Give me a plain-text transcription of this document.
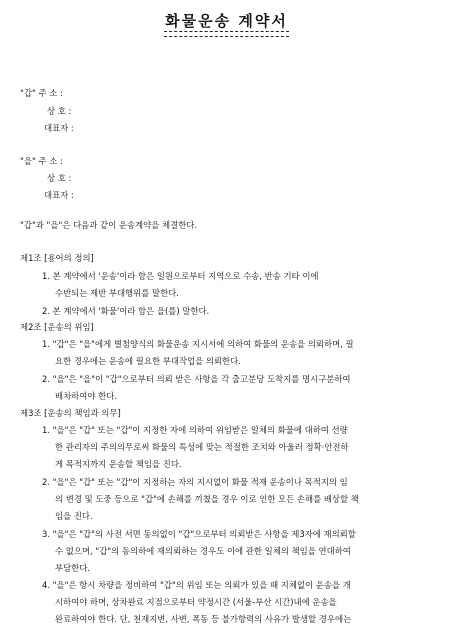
화물운송 계약서
"갑" 주 소 :
상 호 :
대표자 :
"을" 주 소 :
상 호 :
대표자 :
"갑"과 "을"은 다음과 같이 운송계약을 체결한다.
제1조 [용어의 정의]
1. 본 계약에서 '운송'이라 함은 일원으로부터 지역으로 수송, 반송 기타 이에
수반되는 제반 부대행위를 말한다.
2. 본 계약에서 '화물'이라 함은 을(를) 말한다.
제2조 [운송의 위임]
1. "갑"은 "을"에게 별첨양식의 화물운송 지시서에 의하여 화물의 운송을 의뢰하며, 필
요한 경우에는 운송에 필요한 부대작업을 의뢰한다.
2. "을"은 "을"이 "갑"으로부터 의뢰 받은 사항을 각 출고분당 도착지를 명시구분하여
배차하여야 한다.
제3조 [운송의 책임과 의무]
1. "을"은 "갑" 또는 "갑"이 지정한 자에 의하여 위임받은 일체의 화물에 대하여 선량
한 관리자의 주의의무로써 화물의 특성에 맞는 적절한 조치와 아울러 정확·안전하
게 목적지까지 운송할 책임을 진다.
2. "을"은 "갑" 또는 "갑"이 지정하는 자의 지시없이 화물 적재 운송이나 목적지의 임
의 변경 및 도중 등으로 "갑"에 손해를 끼쳤을 경우 이로 인한 모든 손해를 배상할 책
임을 진다.
3. "을"은 "갑"의 사전 서면 동의없이 "갑"으로부터 의뢰받은 사항을 제3자에 재의뢰할
수 없으며, "갑"의 동의하에 재의뢰하는 경우도 이에 관한 일체의 책임을 연대하여
부담한다.
4. "을"은 항시 차량을 정비하여 "갑"의 위임 또는 의뢰가 있을 때 지체없이 운송을 개
시하여야 하며, 상차완료 지점으로부터 약정시간 (서울-부산 시간)내에 운송을
완료하여야 한다. 단, 천재지변, 사변, 폭동 등 불가항력의 사유가 발생할 경우에는
